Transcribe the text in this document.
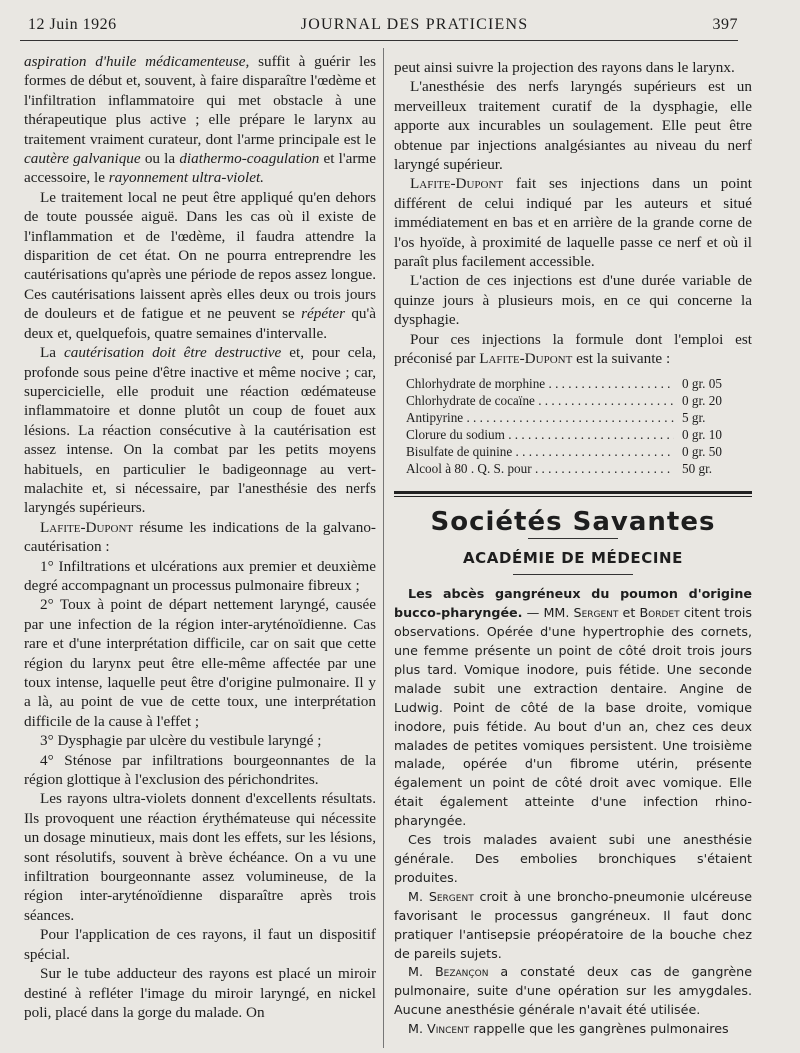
12 Juin 1926	JOURNAL DES PRATICIENS	397

aspiration d'huile médicamenteuse, suffit à guérir les formes de début et, souvent, à faire disparaître l'œdème et l'infiltration inflammatoire qui met obstacle à une thérapeutique plus active ; elle prépare le larynx au traitement vraiment curateur, dont l'arme principale est le cautère galvanique ou la diathermo-coagulation et l'arme accessoire, le rayonnement ultra-violet.

Le traitement local ne peut être appliqué qu'en dehors de toute poussée aiguë. Dans les cas où il existe de l'inflammation et de l'œdème, il faudra attendre la disparition de cet état. On ne pourra entreprendre les cautérisations qu'après une période de repos assez longue. Ces cautérisations laissent après elles deux ou trois jours de douleurs et de fatigue et ne peuvent se répéter qu'à deux et, quelquefois, quatre semaines d'intervalle.

La cautérisation doit être destructive et, pour cela, profonde sous peine d'être inactive et même nocive ; car, supercicielle, elle produit une réaction œdémateuse inflammatoire et donne plutôt un coup de fouet aux lésions. La réaction consécutive à la cautérisation est assez intense. On la combat par les petits moyens habituels, en particulier le badigeonnage au vert-malachite et, si nécessaire, par l'anesthésie des nerfs laryngés supérieurs.

Lafite-Dupont résume les indications de la galvano-cautérisation :

1° Infiltrations et ulcérations aux premier et deuxième degré accompagnant un processus pulmonaire fibreux ;

2° Toux à point de départ nettement laryngé, causée par une infection de la région inter-aryténoïdienne. Cas rare et d'une interprétation difficile, car on sait que cette région du larynx peut être elle-même affectée par une toux intense, laquelle peut être d'origine pulmonaire. Il y a là, au point de vue de cette toux, une interprétation difficile de la cause à l'effet ;

3° Dysphagie par ulcère du vestibule laryngé ;

4° Sténose par infiltrations bourgeonnantes de la région glottique à l'exclusion des périchondrites.

Les rayons ultra-violets donnent d'excellents résultats. Ils provoquent une réaction érythémateuse qui nécessite un dosage minutieux, mais dont les effets, sur les lésions, sont résolutifs, souvent à brève échéance. On a vu une infiltration bourgeonnante assez volumineuse, de la région inter-aryténoïdienne disparaître après trois séances.

Pour l'application de ces rayons, il faut un dispositif spécial.

Sur le tube adducteur des rayons est placé un miroir destiné à refléter l'image du miroir laryngé, en nickel poli, placé dans la gorge du malade. On

peut ainsi suivre la projection des rayons dans le larynx.

L'anesthésie des nerfs laryngés supérieurs est un merveilleux traitement curatif de la dysphagie, elle apporte aux incurables un soulagement. Elle peut être obtenue par injections analgésiantes au niveau du nerf laryngé supérieur.

Lafite-Dupont fait ses injections dans un point différent de celui indiqué par les auteurs et situé immédiatement en bas et en arrière de la grande corne de l'os hyoïde, à proximité de laquelle passe ce nerf et où il paraît plus facilement accessible.

L'action de ces injections est d'une durée variable de quinze jours à plusieurs mois, en ce qui concerne la dysphagie.

Pour ces injections la formule dont l'emploi est préconisé par Lafite-Dupont est la suivante :

Chlorhydrate de morphine . . .	0 gr. 05
Chlorhydrate de cocaïne . . .	0 gr. 20
Antipyrine . . .	5 gr.
Clorure du sodium . . .	0 gr. 10
Bisulfate de quinine . . .	0 gr. 50
Alcool à 80 . Q. S. pour . . .	50 gr.
Sociétés Savantes
ACADÉMIE DE MÉDECINE

Les abcès gangréneux du poumon d'origine bucco-pharyngée. — MM. Sergent et Bordet citent trois observations. Opérée d'une hypertrophie des cornets, une femme présente un point de côté droit trois jours plus tard. Vomique inodore, puis fétide. Une seconde malade subit une extraction dentaire. Angine de Ludwig. Point de côté de la base droite, vomique inodore, puis fétide. Au bout d'un an, chez ces deux malades de petites vomiques persistent. Une troisième malade, opérée d'un fibrome utérin, présente également un point de côté droit avec vomique. Elle était également atteinte d'une infection rhino-pharyngée.

Ces trois malades avaient subi une anesthésie générale. Des embolies bronchiques s'étaient produites.

M. Sergent croit à une broncho-pneumonie ulcéreuse favorisant le processus gangréneux. Il faut donc pratiquer l'antisepsie préopératoire de la bouche chez de pareils sujets.

M. Bezançon a constaté deux cas de gangrène pulmonaire, suite d'une opération sur les amygdales. Aucune anesthésie générale n'avait été utilisée.

M. Vincent rappelle que les gangrènes pulmonaires
